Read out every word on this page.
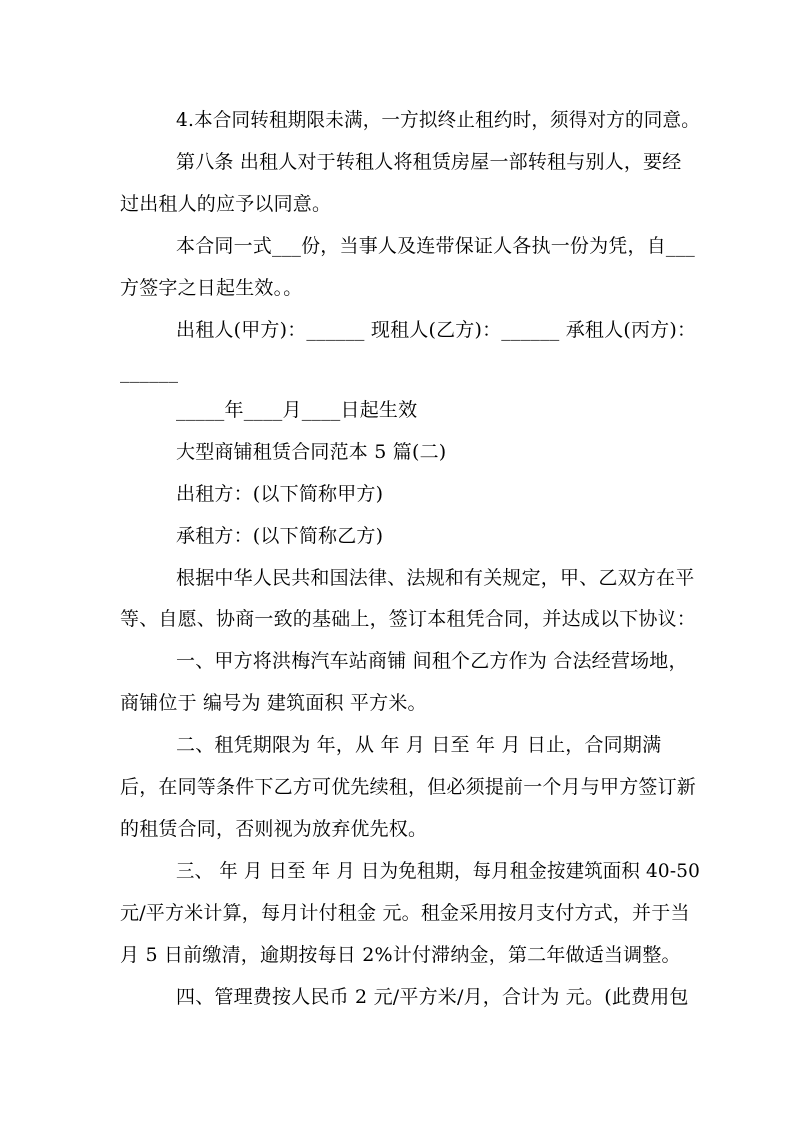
4.本合同转租期限未满，一方拟终止租约时，须得对方的同意。
第八条 出租人对于转租人将租赁房屋一部转租与别人，要经
过出租人的应予以同意。
本合同一式___份，当事人及连带保证人各执一份为凭，自___
方签字之日起生效。。
出租人(甲方)：______ 现租人(乙方)：______ 承租人(丙方)：
______
_____年____月____日起生效
大型商铺租赁合同范本 5 篇(二)
出租方：(以下简称甲方)
承租方：(以下简称乙方)
根据中华人民共和国法律、法规和有关规定，甲、乙双方在平
等、自愿、协商一致的基础上，签订本租凭合同，并达成以下协议：
一、甲方将洪梅汽车站商铺 间租个乙方作为 合法经营场地，
商铺位于 编号为 建筑面积 平方米。
二、租凭期限为 年，从 年 月 日至 年 月 日止，合同期满
后，在同等条件下乙方可优先续租，但必须提前一个月与甲方签订新
的租赁合同，否则视为放弃优先权。
三、 年 月 日至 年 月 日为免租期，每月租金按建筑面积 40-50
元/平方米计算，每月计付租金 元。租金采用按月支付方式，并于当
月 5 日前缴清，逾期按每日 2%计付滞纳金，第二年做适当调整。
四、管理费按人民币 2 元/平方米/月，合计为 元。(此费用包
